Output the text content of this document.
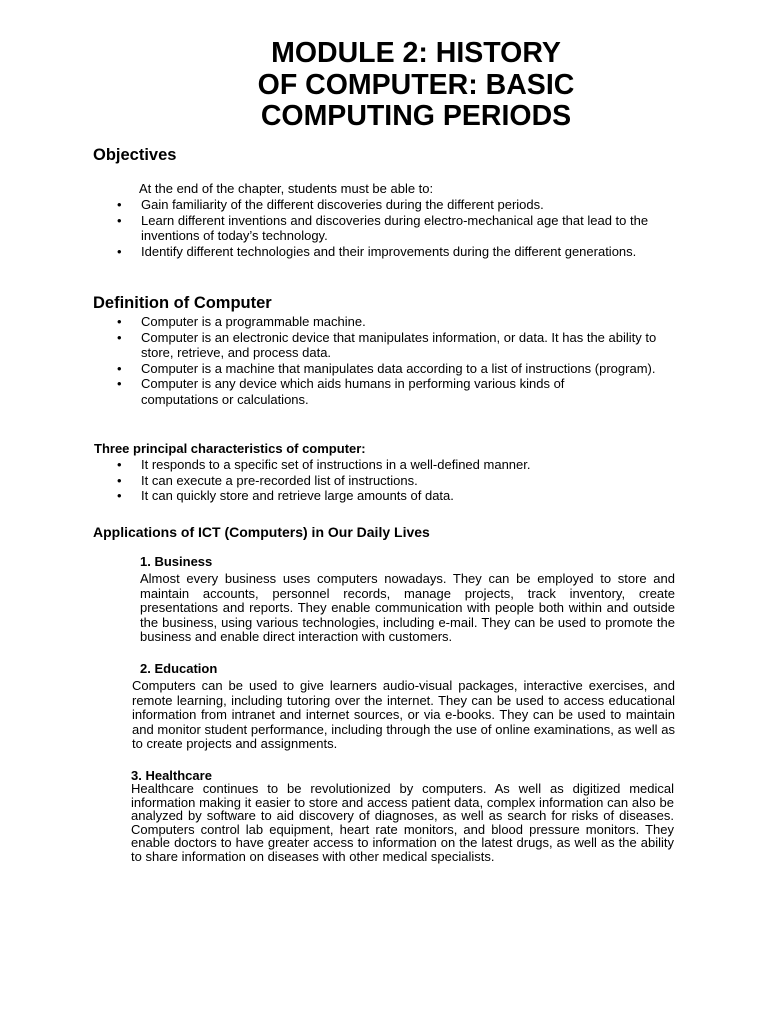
MODULE 2: HISTORY
OF COMPUTER: BASIC
COMPUTING PERIODS
Objectives
At the end of the chapter, students must be able to:
• Gain familiarity of the different discoveries during the different periods.
• Learn different inventions and discoveries during electro-mechanical age that lead to the inventions of today’s technology.
• Identify different technologies and their improvements during the different generations.
Definition of Computer
• Computer is a programmable machine.
• Computer is an electronic device that manipulates information, or data. It has the ability to store, retrieve, and process data.
• Computer is a machine that manipulates data according to a list of instructions (program).
• Computer is any device which aids humans in performing various kinds of computations or calculations.
Three principal characteristics of computer:
• It responds to a specific set of instructions in a well-defined manner.
• It can execute a pre-recorded list of instructions.
• It can quickly store and retrieve large amounts of data.
Applications of ICT (Computers) in Our Daily Lives
1. Business
Almost every business uses computers nowadays. They can be employed to store and maintain accounts, personnel records, manage projects, track inventory, create presentations and reports. They enable communication with people both within and outside the business, using various technologies, including e-mail. They can be used to promote the business and enable direct interaction with customers.
2. Education
Computers can be used to give learners audio-visual packages, interactive exercises, and remote learning, including tutoring over the internet. They can be used to access educational information from intranet and internet sources, or via e-books. They can be used to maintain and monitor student performance, including through the use of online examinations, as well as to create projects and assignments.
3. Healthcare
Healthcare continues to be revolutionized by computers. As well as digitized medical information making it easier to store and access patient data, complex information can also be analyzed by software to aid discovery of diagnoses, as well as search for risks of diseases. Computers control lab equipment, heart rate monitors, and blood pressure monitors. They enable doctors to have greater access to information on the latest drugs, as well as the ability to share information on diseases with other medical specialists.
